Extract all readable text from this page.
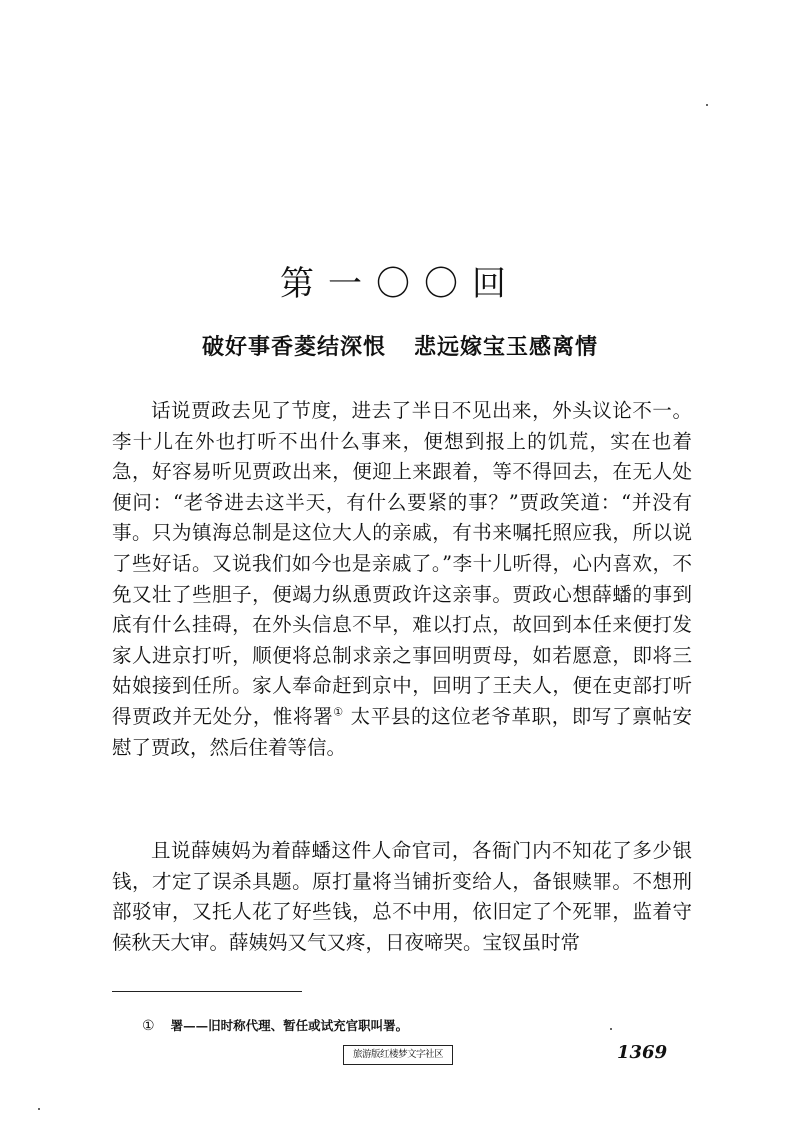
第一〇〇回
破好事香菱结深恨 悲远嫁宝玉感离情

话说贾政去见了节度，进去了半日不见出来，外头议论不一。李十儿在外也打听不出什么事来，便想到报上的饥荒，实在也着急，好容易听见贾政出来，便迎上来跟着，等不得回去，在无人处便问：“老爷进去这半天，有什么要紧的事？”贾政笑道：“并没有事。只为镇海总制是这位大人的亲戚，有书来嘱托照应我，所以说了些好话。又说我们如今也是亲戚了。”李十儿听得，心内喜欢，不免又壮了些胆子，便竭力纵恿贾政许这亲事。贾政心想薛蟠的事到底有什么挂碍，在外头信息不早，难以打点，故回到本任来便打发家人进京打听，顺便将总制求亲之事回明贾母，如若愿意，即将三姑娘接到任所。家人奉命赶到京中，回明了王夫人，便在吏部打听得贾政并无处分，惟将署① 太平县的这位老爷革职，即写了禀帖安慰了贾政，然后住着等信。

且说薛姨妈为着薛蟠这件人命官司，各衙门内不知花了多少银钱，才定了误杀具题。原打量将当铺折变给人，备银赎罪。不想刑部驳审，又托人花了好些钱，总不中用，依旧定了个死罪，监着守候秋天大审。薛姨妈又气又疼，日夜啼哭。宝钗虽时常

① 署——旧时称代理、暂任或试充官职叫署。
旅游版红楼梦文字社区	1369
